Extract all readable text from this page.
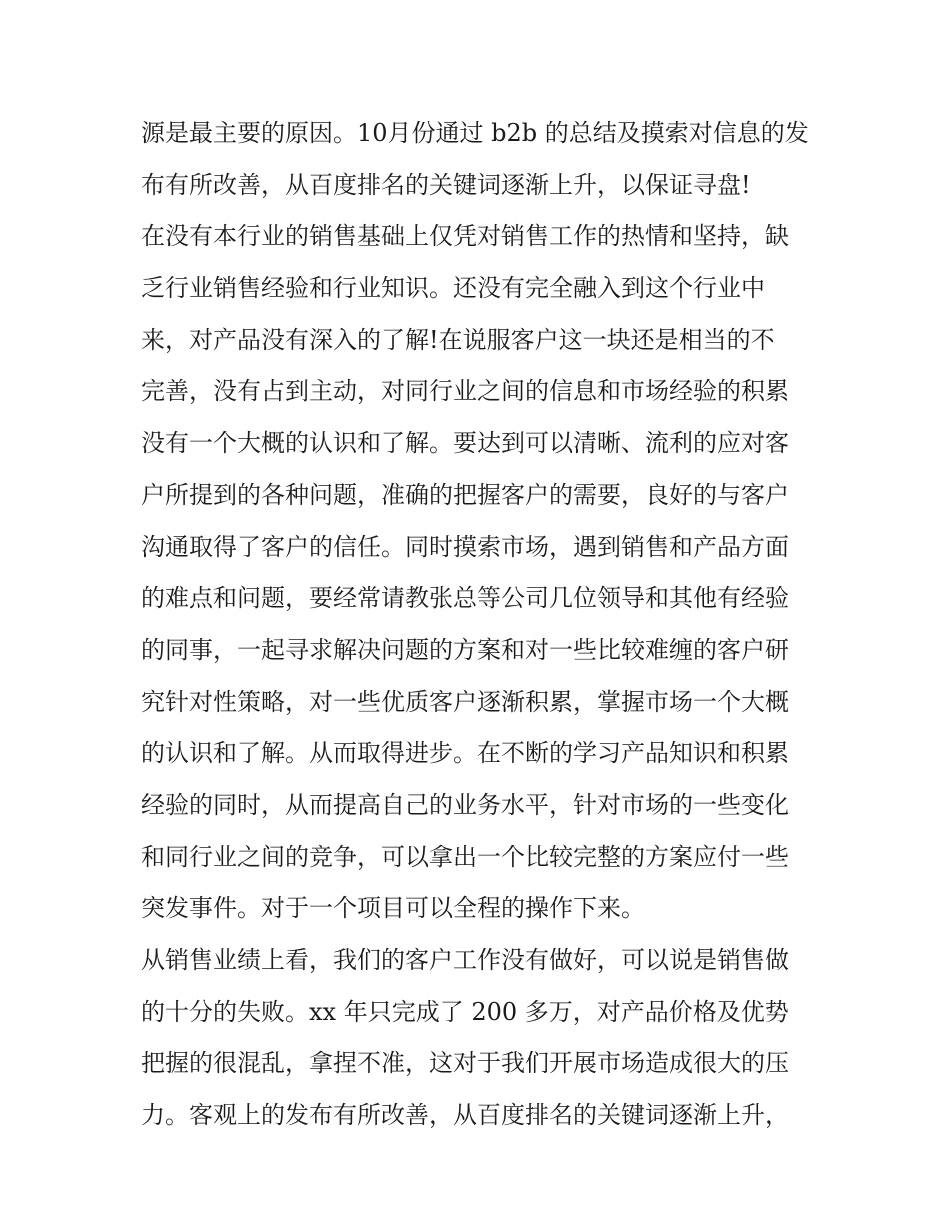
源是最主要的原因。10月份通过 b2b 的总结及摸索对信息的发
布有所改善，从百度排名的关键词逐渐上升，以保证寻盘!
在没有本行业的销售基础上仅凭对销售工作的热情和坚持，缺
乏行业销售经验和行业知识。还没有完全融入到这个行业中
来，对产品没有深入的了解!在说服客户这一块还是相当的不
完善，没有占到主动，对同行业之间的信息和市场经验的积累
没有一个大概的认识和了解。要达到可以清晰、流利的应对客
户所提到的各种问题，准确的把握客户的需要，良好的与客户
沟通取得了客户的信任。同时摸索市场，遇到销售和产品方面
的难点和问题，要经常请教张总等公司几位领导和其他有经验
的同事，一起寻求解决问题的方案和对一些比较难缠的客户研
究针对性策略，对一些优质客户逐渐积累，掌握市场一个大概
的认识和了解。从而取得进步。在不断的学习产品知识和积累
经验的同时，从而提高自己的业务水平，针对市场的一些变化
和同行业之间的竞争，可以拿出一个比较完整的方案应付一些
突发事件。对于一个项目可以全程的操作下来。
从销售业绩上看，我们的客户工作没有做好，可以说是销售做
的十分的失败。xx 年只完成了 200 多万，对产品价格及优势
把握的很混乱，拿捏不准，这对于我们开展市场造成很大的压
力。客观上的发布有所改善，从百度排名的关键词逐渐上升，
